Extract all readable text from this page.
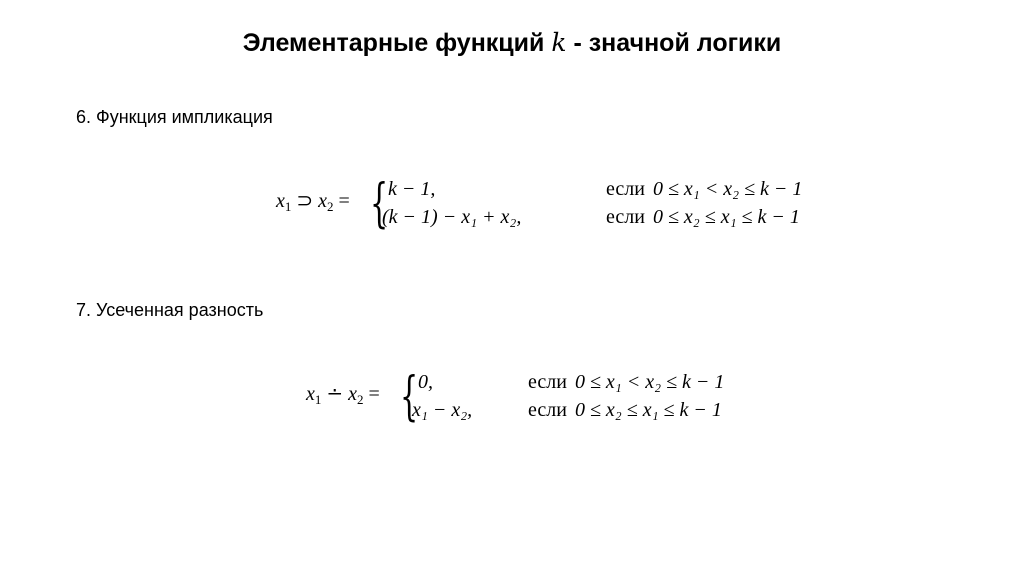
Элементарные функций k - значной логики
6. Функция импликация
$x_1$ ⊃ $x_2$ = { k − 1,	если 0 ≤ x₁ < x₂ ≤ k − 1
(k − 1) − x₁ + x₂,	если 0 ≤ x₂ ≤ x₁ ≤ k − 1
7. Усеченная разность
$x_1$ ∸ $x_2$ = { 0,	если 0 ≤ x₁ < x₂ ≤ k − 1
x₁ − x₂,	если 0 ≤ x₂ ≤ x₁ ≤ k − 1
